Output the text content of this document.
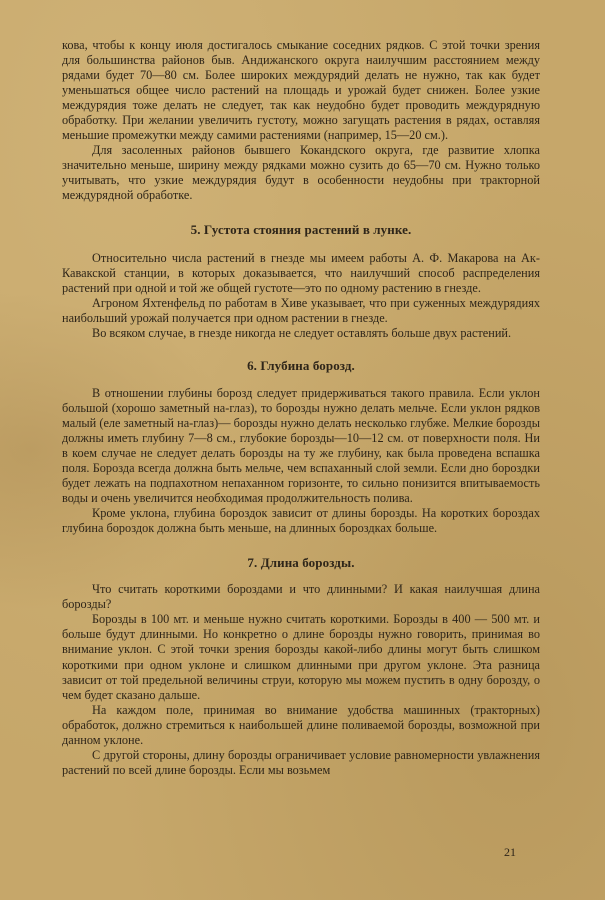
кова, чтобы к концу июля достигалось смыкание соседних рядков. С этой точки зрения для большинства районов быв. Андижанского округа наилучшим расстоянием между рядами будет 70—80 см. Более широких междурядий делать не нужно, так как будет уменьшаться общее число растений на площадь и урожай будет снижен. Более узкие междурядия тоже делать не следует, так как неудобно будет проводить междурядную обработку. При желании увеличить густоту, можно загущать растения в рядах, оставляя меньшие промежутки между самими растениями (например, 15—20 см.).

Для засоленных районов бывшего Кокандского округа, где развитие хлопка значительно меньше, ширину между рядками можно сузить до 65—70 см. Нужно только учитывать, что узкие междурядия будут в особенности неудобны при тракторной междурядной обработке.

5. Густота стояния растений в лунке.

Относительно числа растений в гнезде мы имеем работы А. Ф. Макарова на Ак-Кавакской станции, в которых доказывается, что наилучший способ распределения растений при одной и той же общей густоте—это по одному растению в гнезде.

Агроном Яхтенфельд по работам в Хиве указывает, что при суженных междурядиях наибольший урожай получается при одном растении в гнезде.

Во всяком случае, в гнезде никогда не следует оставлять больше двух растений.

6. Глубина борозд.

В отношении глубины борозд следует придерживаться такого правила. Если уклон большой (хорошо заметный на-глаз), то борозды нужно делать мельче. Если уклон рядков малый (еле заметный на-глаз)— борозды нужно делать несколько глубже. Мелкие борозды должны иметь глубину 7—8 см., глубокие борозды—10—12 см. от поверхности поля. Ни в коем случае не следует делать борозды на ту же глубину, как была проведена вспашка поля. Борозда всегда должна быть мельче, чем вспаханный слой земли. Если дно бороздки будет лежать на подпахотном непаханном горизонте, то сильно понизится впитываемость воды и очень увеличится необходимая продолжительность полива.

Кроме уклона, глубина бороздок зависит от длины борозды. На коротких бороздах глубина бороздок должна быть меньше, на длинных бороздках больше.

7. Длина борозды.

Что считать короткими бороздами и что длинными? И какая наилучшая длина борозды?

Борозды в 100 мт. и меньше нужно считать короткими. Борозды в 400 — 500 мт. и больше будут длинными. Но конкретно о длине борозды нужно говорить, принимая во внимание уклон. С этой точки зрения борозды какой-либо длины могут быть слишком короткими при одном уклоне и слишком длинными при другом уклоне. Эта разница зависит от той предельной величины струи, которую мы можем пустить в одну борозду, о чем будет сказано дальше.

На каждом поле, принимая во внимание удобства машинных (тракторных) обработок, должно стремиться к наибольшей длине поливаемой борозды, возможной при данном уклоне.

С другой стороны, длину борозды ограничивает условие равномерности увлажнения растений по всей длине борозды. Если мы возьмем

21
